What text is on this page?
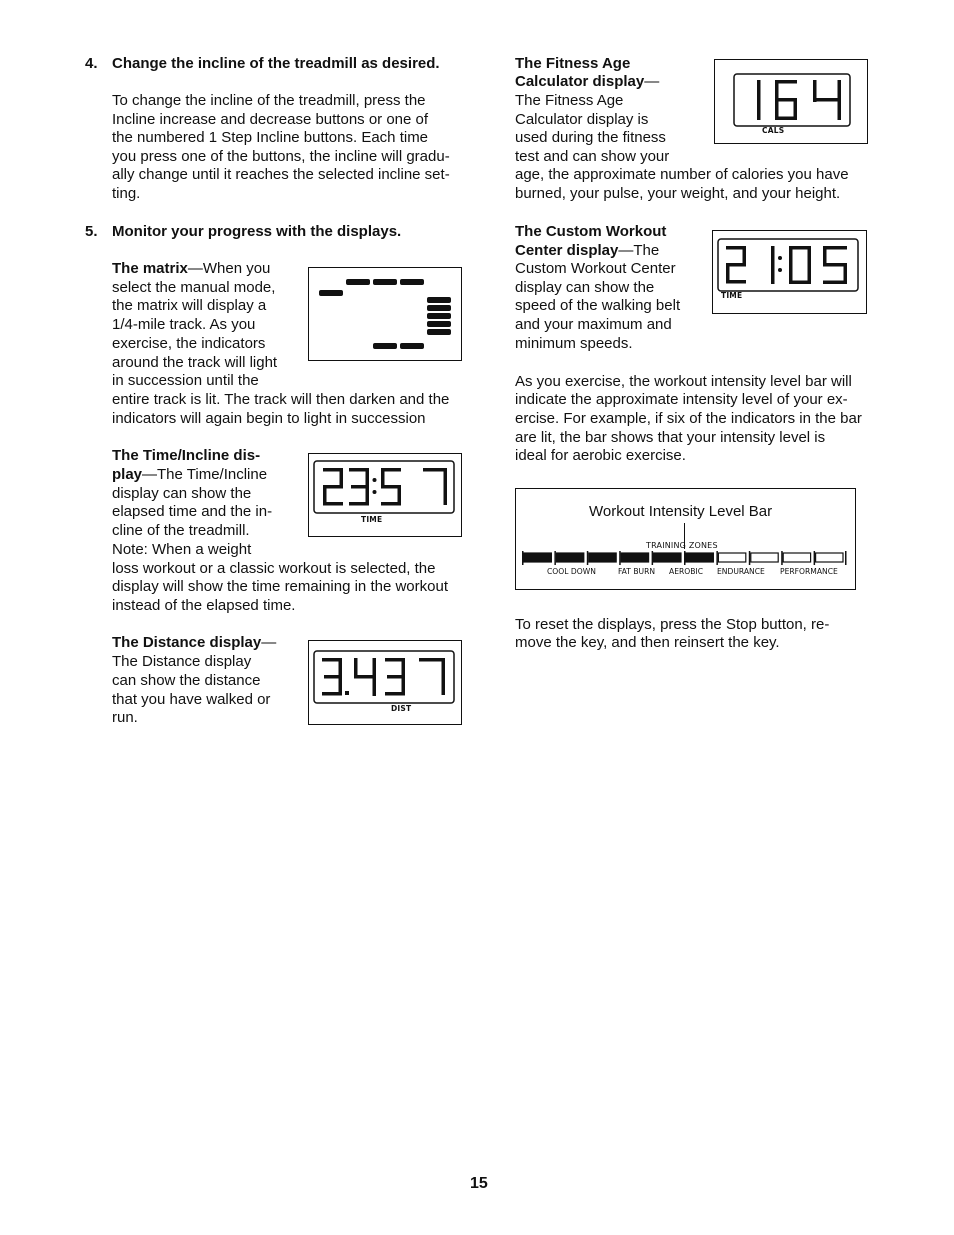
4. Change the incline of the treadmill as desired.
To change the incline of the treadmill, press the
Incline increase and decrease buttons or one of
the numbered 1 Step Incline buttons. Each time
you press one of the buttons, the incline will gradu-
ally change until it reaches the selected incline set-
ting.
5. Monitor your progress with the displays.
The matrix—When you
select the manual mode,
the matrix will display a
1/4-mile track. As you
exercise, the indicators
around the track will light
in succession until the
entire track is lit. The track will then darken and the
indicators will again begin to light in succession
The Time/Incline dis-
play—The Time/Incline
display can show the
elapsed time and the in-
cline of the treadmill.
Note: When a weight
loss workout or a classic workout is selected, the
display will show the time remaining in the workout
instead of the elapsed time.
TIME
The Distance display—
The Distance display
can show the distance
that you have walked or
run.
DIST
The Fitness Age
Calculator display—
The Fitness Age
Calculator display is
used during the fitness
test and can show your
age, the approximate number of calories you have
burned, your pulse, your weight, and your height.
CALS
The Custom Workout
Center display—The
Custom Workout Center
display can show the
speed of the walking belt
and your maximum and
minimum speeds.
TIME
As you exercise, the workout intensity level bar will
indicate the approximate intensity level of your ex-
ercise. For example, if six of the indicators in the bar
are lit, the bar shows that your intensity level is
ideal for aerobic exercise.
Workout Intensity Level Bar
TRAINING ZONES
COOL DOWN	FAT BURN AEROBIC ENDURANCE PERFORMANCE
To reset the displays, press the Stop button, re-
move the key, and then reinsert the key.
15
